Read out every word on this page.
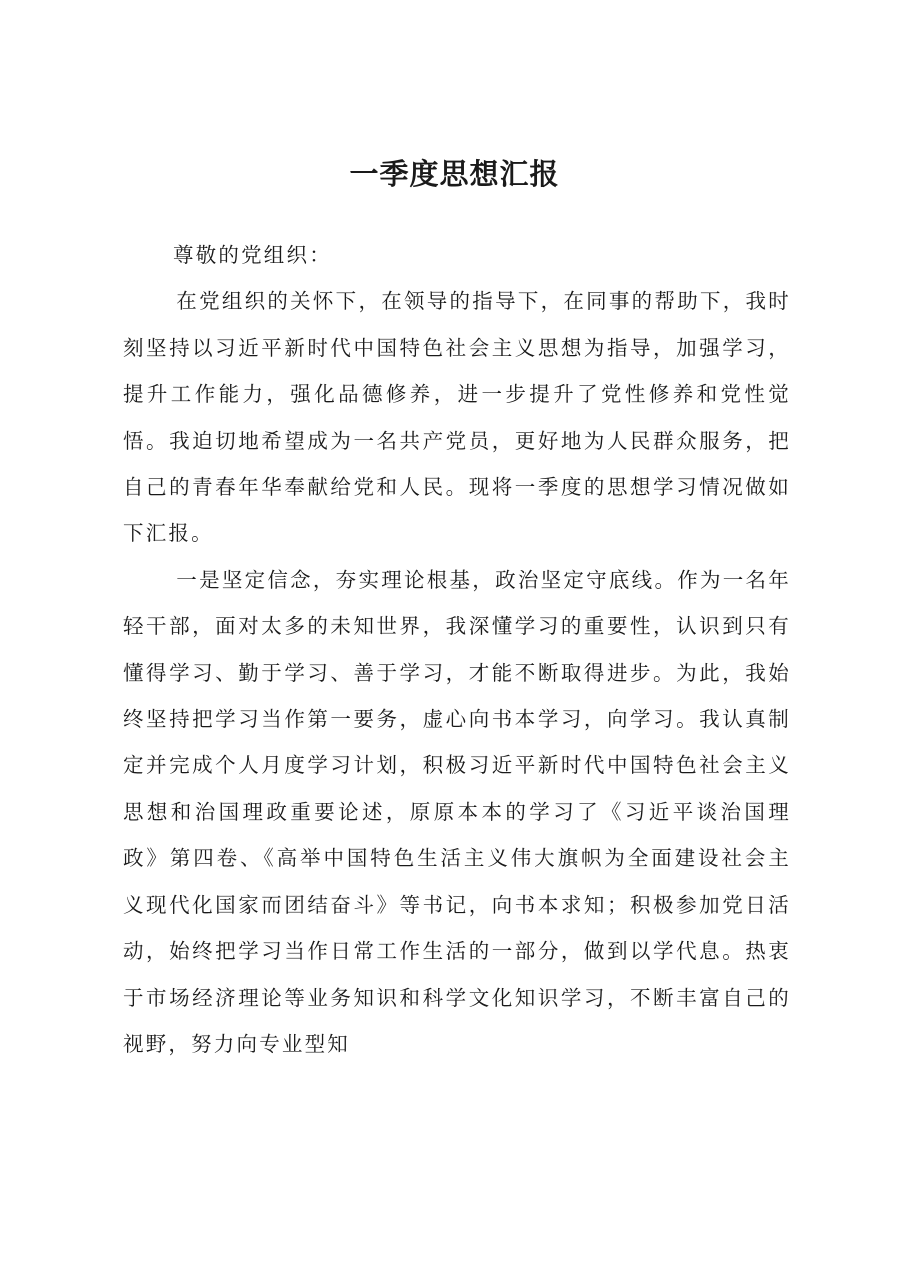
一季度思想汇报

尊敬的党组织：

在党组织的关怀下，在领导的指导下，在同事的帮助下，我时刻坚持以习近平新时代中国特色社会主义思想为指导，加强学习，提升工作能力，强化品德修养，进一步提升了党性修养和党性觉悟。我迫切地希望成为一名共产党员，更好地为人民群众服务，把自己的青春年华奉献给党和人民。现将一季度的思想学习情况做如下汇报。

一是坚定信念，夯实理论根基，政治坚定守底线。作为一名年轻干部，面对太多的未知世界，我深懂学习的重要性，认识到只有懂得学习、勤于学习、善于学习，才能不断取得进步。为此，我始终坚持把学习当作第一要务，虚心向书本学习，向学习。我认真制定并完成个人月度学习计划，积极习近平新时代中国特色社会主义思想和治国理政重要论述，原原本本的学习了《习近平谈治国理政》第四卷、《高举中国特色生活主义伟大旗帜为全面建设社会主义现代化国家而团结奋斗》等书记，向书本求知；积极参加党日活动，始终把学习当作日常工作生活的一部分，做到以学代息。热衷于市场经济理论等业务知识和科学文化知识学习，不断丰富自己的视野，努力向专业型知
